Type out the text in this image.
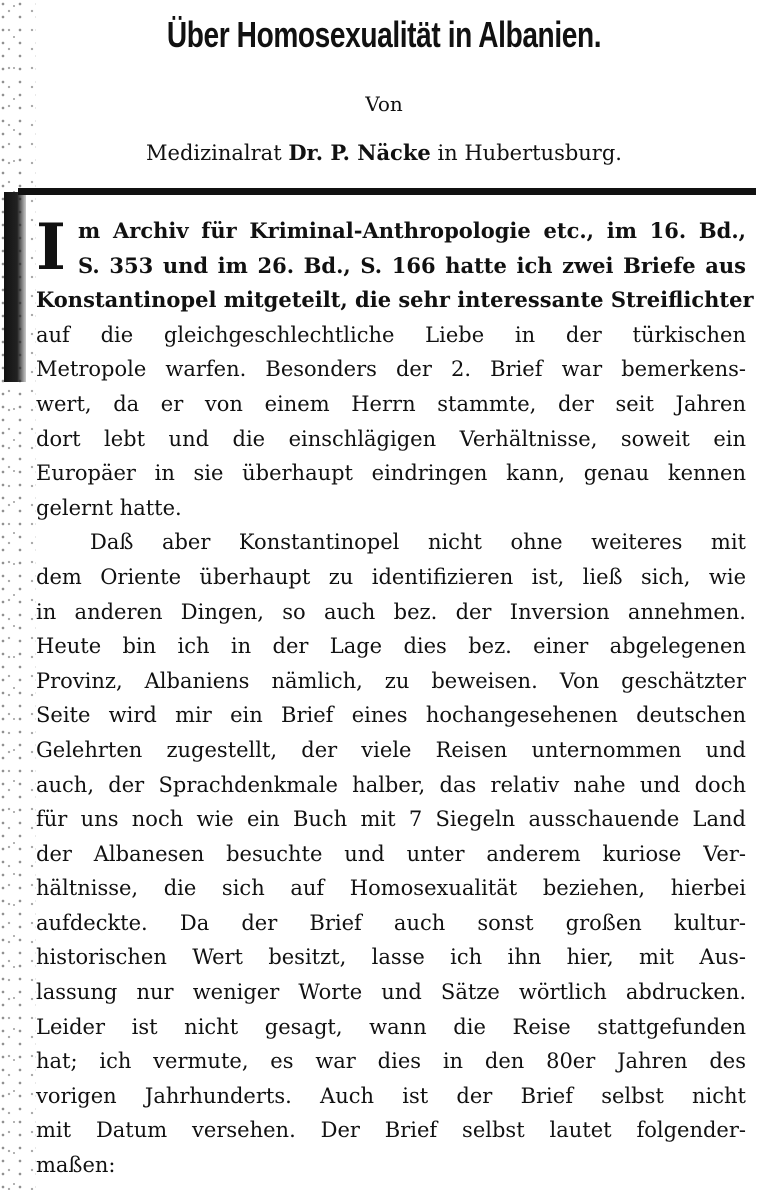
Über Homosexualität in Albanien.
Von
Medizinalrat Dr. P. Näcke in Hubertusburg.
I m Archiv für Kriminal-Anthropologie etc., im 16. Bd.,
S. 353 und im 26. Bd., S. 166 hatte ich zwei Briefe aus
Konstantinopel mitgeteilt, die sehr interessante Streiflichter
auf die gleichgeschlechtliche Liebe in der türkischen
Metropole warfen. Besonders der 2. Brief war bemerkens-
wert, da er von einem Herrn stammte, der seit Jahren
dort lebt und die einschlägigen Verhältnisse, soweit ein
Europäer in sie überhaupt eindringen kann, genau kennen
gelernt hatte.
Daß aber Konstantinopel nicht ohne weiteres mit
dem Oriente überhaupt zu identifizieren ist, ließ sich, wie
in anderen Dingen, so auch bez. der Inversion annehmen.
Heute bin ich in der Lage dies bez. einer abgelegenen
Provinz, Albaniens nämlich, zu beweisen. Von geschätzter
Seite wird mir ein Brief eines hochangesehenen deutschen
Gelehrten zugestellt, der viele Reisen unternommen und
auch, der Sprachdenkmale halber, das relativ nahe und doch
für uns noch wie ein Buch mit 7 Siegeln ausschauende Land
der Albanesen besuchte und unter anderem kuriose Ver-
hältnisse, die sich auf Homosexualität beziehen, hierbei
aufdeckte. Da der Brief auch sonst großen kultur-
historischen Wert besitzt, lasse ich ihn hier, mit Aus-
lassung nur weniger Worte und Sätze wörtlich abdrucken.
Leider ist nicht gesagt, wann die Reise stattgefunden
hat; ich vermute, es war dies in den 80er Jahren des
vorigen Jahrhunderts. Auch ist der Brief selbst nicht
mit Datum versehen. Der Brief selbst lautet folgender-
maßen:
